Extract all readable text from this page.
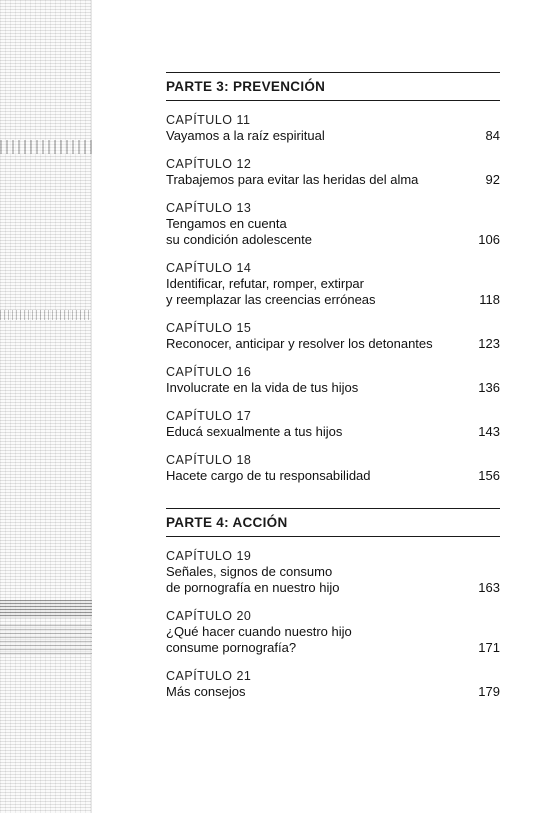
PARTE 3: PREVENCIÓN
CAPÍTULO 11
Vayamos a la raíz espiritual	84
CAPÍTULO 12
Trabajemos para evitar las heridas del alma	92
CAPÍTULO 13
Tengamos en cuenta
su condición adolescente	106
CAPÍTULO 14
Identificar, refutar, romper, extirpar
y reemplazar las creencias erróneas	118
CAPÍTULO 15
Reconocer, anticipar y resolver los detonantes	123
CAPÍTULO 16
Involucrate en la vida de tus hijos	136
CAPÍTULO 17
Educá sexualmente a tus hijos	143
CAPÍTULO 18
Hacete cargo de tu responsabilidad	156
PARTE 4: ACCIÓN
CAPÍTULO 19
Señales, signos de consumo
de pornografía en nuestro hijo	163
CAPÍTULO 20
¿Qué hacer cuando nuestro hijo
consume pornografía?	171
CAPÍTULO 21
Más consejos	179
